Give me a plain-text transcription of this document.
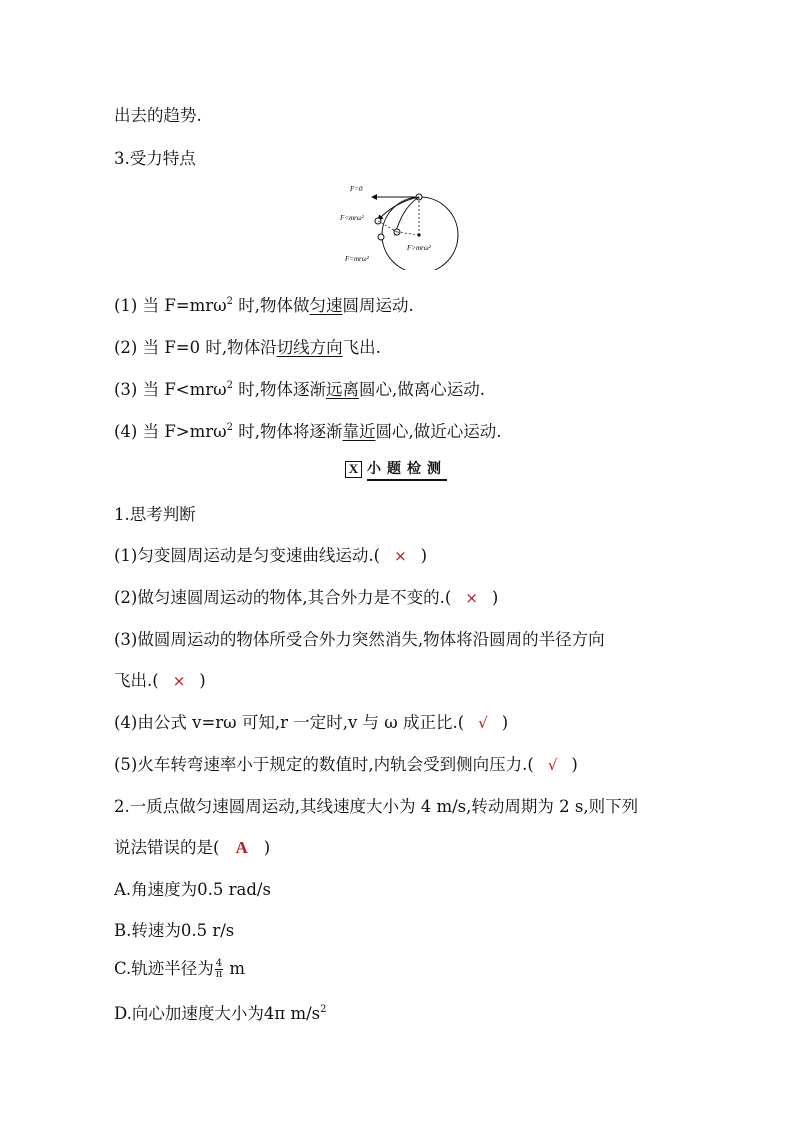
出去的趋势.
3.受力特点
F=0
F<mrω²
F=mrω²
F>mrω²
(1) 当 F=mrω$^2$ 时,物体做匀速圆周运动.
(2) 当 F=0 时,物体沿切线方向飞出.
(3) 当 F<mrω$^2$ 时,物体逐渐远离圆心,做离心运动.
(4) 当 F>mrω$^2$ 时,物体将逐渐靠近圆心,做近心运动.
X 小题检测
1.思考判断
(1)匀变圆周运动是匀变速曲线运动.( × )
(2)做匀速圆周运动的物体,其合外力是不变的.( × )
(3)做圆周运动的物体所受合外力突然消失,物体将沿圆周的半径方向
飞出.( × )
(4)由公式 v=rω 可知,r 一定时,v 与 ω 成正比.( √ )
(5)火车转弯速率小于规定的数值时,内轨会受到侧向压力.( √ )
2.一质点做匀速圆周运动,其线速度大小为 4 m/s,转动周期为 2 s,则下列
说法错误的是( A )
A.角速度为0.5 rad/s
B.转速为0.5 r/s
C.轨迹半径为 $\frac{4}{\pi}$ m
D.向心加速度大小为4π $m/s^2$
